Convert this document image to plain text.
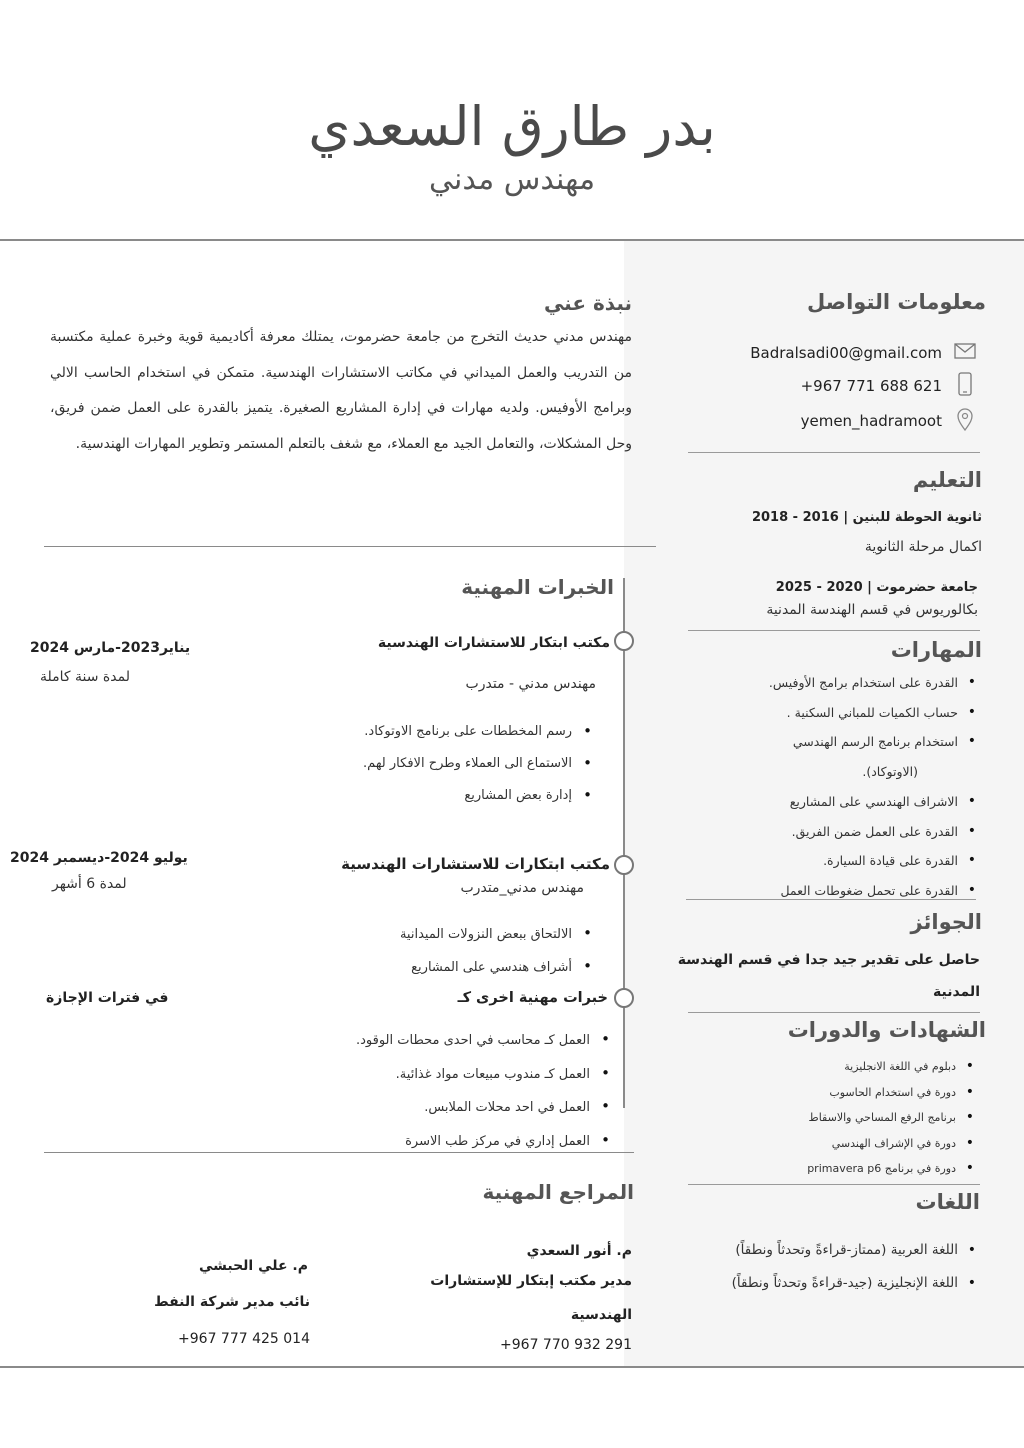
بدر طارق السعدي
مهندس مدني
معلومات التواصل
Badralsadi00@gmail.com
+967 771 688 621
yemen_hadramoot
التعليم
ثانوية الحوطة للبنين | 2016 - 2018
اكمال مرحلة الثانوية
جامعة حضرموت | 2020 - 2025
بكالوريوس في قسم الهندسة المدنية
المهارات
• القدرة على استخدام برامج الأوفيس.
• حساب الكميات للمباني السكنية .
• استخدام برنامج الرسم الهندسي
(الاوتوكاد).
• الاشراف الهندسي على المشاريع
• القدرة على العمل ضمن الفريق.
• القدرة على قيادة السيارة.
• القدرة على تحمل ضغوطات العمل
الجوائز
حاصل على تقدير جيد جدا في قسم الهندسة
المدنية
الشهادات والدورات
• دبلوم في اللغة الانجليزية
• دورة في استخدام الحاسوب
• برنامج الرفع المساحي والاسقاط
• دورة في الإشراف الهندسي
• دورة في برنامج primavera p6
اللغات
• اللغة العربية (ممتاز-قراءةً وتحدثاً ونطقاً)
• اللغة الإنجليزية (جيد-قراءةً وتحدثاً ونطقاً)
نبذة عني
مهندس مدني حديث التخرج من جامعة حضرموت، يمتلك معرفة أكاديمية قوية وخبرة عملية مكتسبة من التدريب والعمل الميداني في مكاتب الاستشارات الهندسية. متمكن في استخدام الحاسب الالي وبرامج الأوفيس. ولديه مهارات في إدارة المشاريع الصغيرة. يتميز بالقدرة على العمل ضمن فريق، وحل المشكلات، والتعامل الجيد مع العملاء، مع شغف بالتعلم المستمر وتطوير المهارات الهندسية.
الخبرات المهنية
مكتب ابتكار للاستشارات الهندسية
مهندس مدني - متدرب
يناير2023-مارس 2024
لمدة سنة كاملة
• رسم المخططات على برنامج الاوتوكاد.
• الاستماع الى العملاء وطرح الافكار لهم.
• إدارة بعض المشاريع
مكتب ابتكارات للاستشارات الهندسية
مهندس مدني_متدرب
يوليو 2024-ديسمبر 2024
لمدة 6 أشهر
• الالتحاق ببعض النزولات الميدانية
• أشراف هندسي على المشاريع
خبرات مهنية اخرى كـ
في فترات الإجازة
• العمل كـ محاسب في احدى محطات الوقود.
• العمل كـ مندوب مبيعات مواد غذائية.
• العمل في احد محلات الملابس.
• العمل إداري في مركز طب الاسرة
المراجع المهنية
م. أنور السعدي
مدير مكتب إبتكار للإستشارات
الهندسية
+967 770 932 291
م. علي الحبشي
نائب مدير شركة النفط
+967 777 425 014
